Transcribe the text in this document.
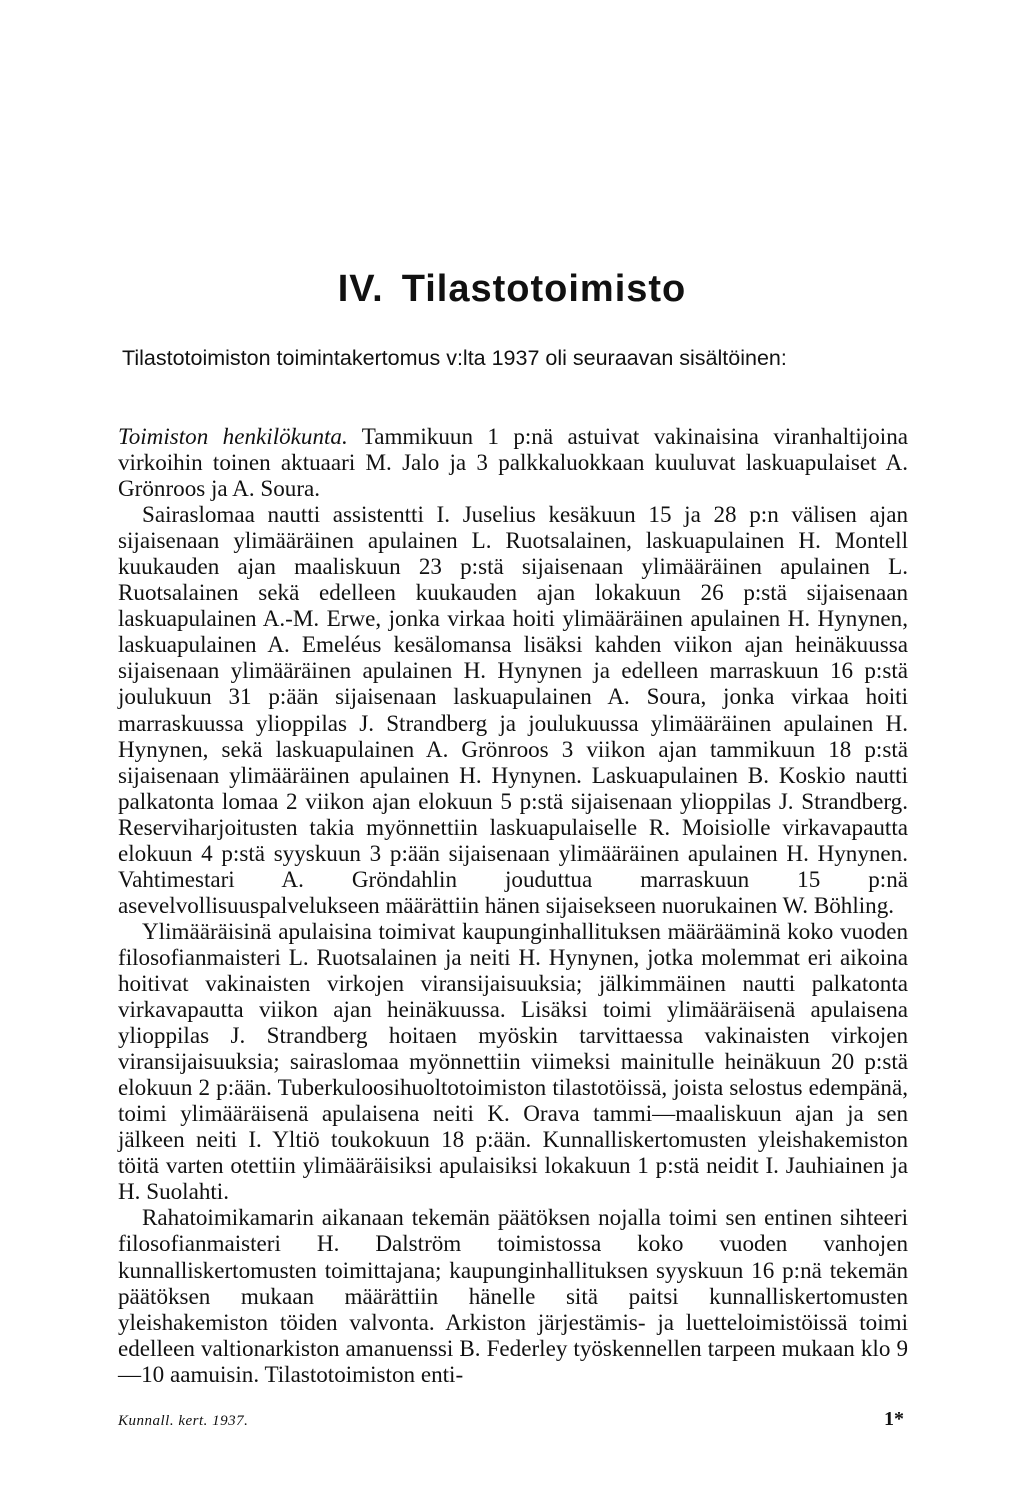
IV. Tilastotoimisto

Tilastotoimiston toimintakertomus v:lta 1937 oli seuraavan sisältöinen:

Toimiston henkilökunta. Tammikuun 1 p:nä astuivat vakinaisina viranhaltijoina virkoihin toinen aktuaari M. Jalo ja 3 palkkaluokkaan kuuluvat laskuapulaiset A. Grönroos ja A. Soura.

Sairaslomaa nautti assistentti I. Juselius kesäkuun 15 ja 28 p:n välisen ajan sijaisenaan ylimääräinen apulainen L. Ruotsalainen, laskuapulainen H. Montell kuukauden ajan maaliskuun 23 p:stä sijaisenaan ylimääräinen apulainen L. Ruotsalainen sekä edelleen kuukauden ajan lokakuun 26 p:stä sijaisenaan laskuapulainen A.-M. Erwe, jonka virkaa hoiti ylimääräinen apulainen H. Hynynen, laskuapulainen A. Emeléus kesälomansa lisäksi kahden viikon ajan heinäkuussa sijaisenaan ylimääräinen apulainen H. Hynynen ja edelleen marraskuun 16 p:stä joulukuun 31 p:ään sijaisenaan laskuapulainen A. Soura, jonka virkaa hoiti marraskuussa ylioppilas J. Strandberg ja joulukuussa ylimääräinen apulainen H. Hynynen, sekä laskuapulainen A. Grönroos 3 viikon ajan tammikuun 18 p:stä sijaisenaan ylimääräinen apulainen H. Hynynen. Laskuapulainen B. Koskio nautti palkatonta lomaa 2 viikon ajan elokuun 5 p:stä sijaisenaan ylioppilas J. Strandberg. Reserviharjoitusten takia myönnettiin laskuapulaiselle R. Moisiolle virkavapautta elokuun 4 p:stä syyskuun 3 p:ään sijaisenaan ylimääräinen apulainen H. Hynynen. Vahtimestari A. Gröndahlin jouduttua marraskuun 15 p:nä asevelvollisuuspalvelukseen määrättiin hänen sijaisekseen nuorukainen W. Böhling.

Ylimääräisinä apulaisina toimivat kaupunginhallituksen määrääminä koko vuoden filosofianmaisteri L. Ruotsalainen ja neiti H. Hynynen, jotka molemmat eri aikoina hoitivat vakinaisten virkojen viransijaisuuksia; jälkimmäinen nautti palkatonta virkavapautta viikon ajan heinäkuussa. Lisäksi toimi ylimääräisenä apulaisena ylioppilas J. Strandberg hoitaen myöskin tarvittaessa vakinaisten virkojen viransijaisuuksia; sairaslomaa myönnettiin viimeksi mainitulle heinäkuun 20 p:stä elokuun 2 p:ään. Tuberkuloosihuoltotoimiston tilastotöissä, joista selostus edempänä, toimi ylimääräisenä apulaisena neiti K. Orava tammi—maaliskuun ajan ja sen jälkeen neiti I. Yltiö toukokuun 18 p:ään. Kunnalliskertomusten yleishakemiston töitä varten otettiin ylimääräisiksi apulaisiksi lokakuun 1 p:stä neidit I. Jauhiainen ja H. Suolahti.

Rahatoimikamarin aikanaan tekemän päätöksen nojalla toimi sen entinen sihteeri filosofianmaisteri H. Dalström toimistossa koko vuoden vanhojen kunnalliskertomusten toimittajana; kaupunginhallituksen syyskuun 16 p:nä tekemän päätöksen mukaan määrättiin hänelle sitä paitsi kunnalliskertomusten yleishakemiston töiden valvonta. Arkiston järjestämis- ja luetteloimistöissä toimi edelleen valtionarkiston amanuenssi B. Federley työskennellen tarpeen mukaan klo 9—10 aamuisin. Tilastotoimiston enti-

Kunnall. kert. 1937.	1*
